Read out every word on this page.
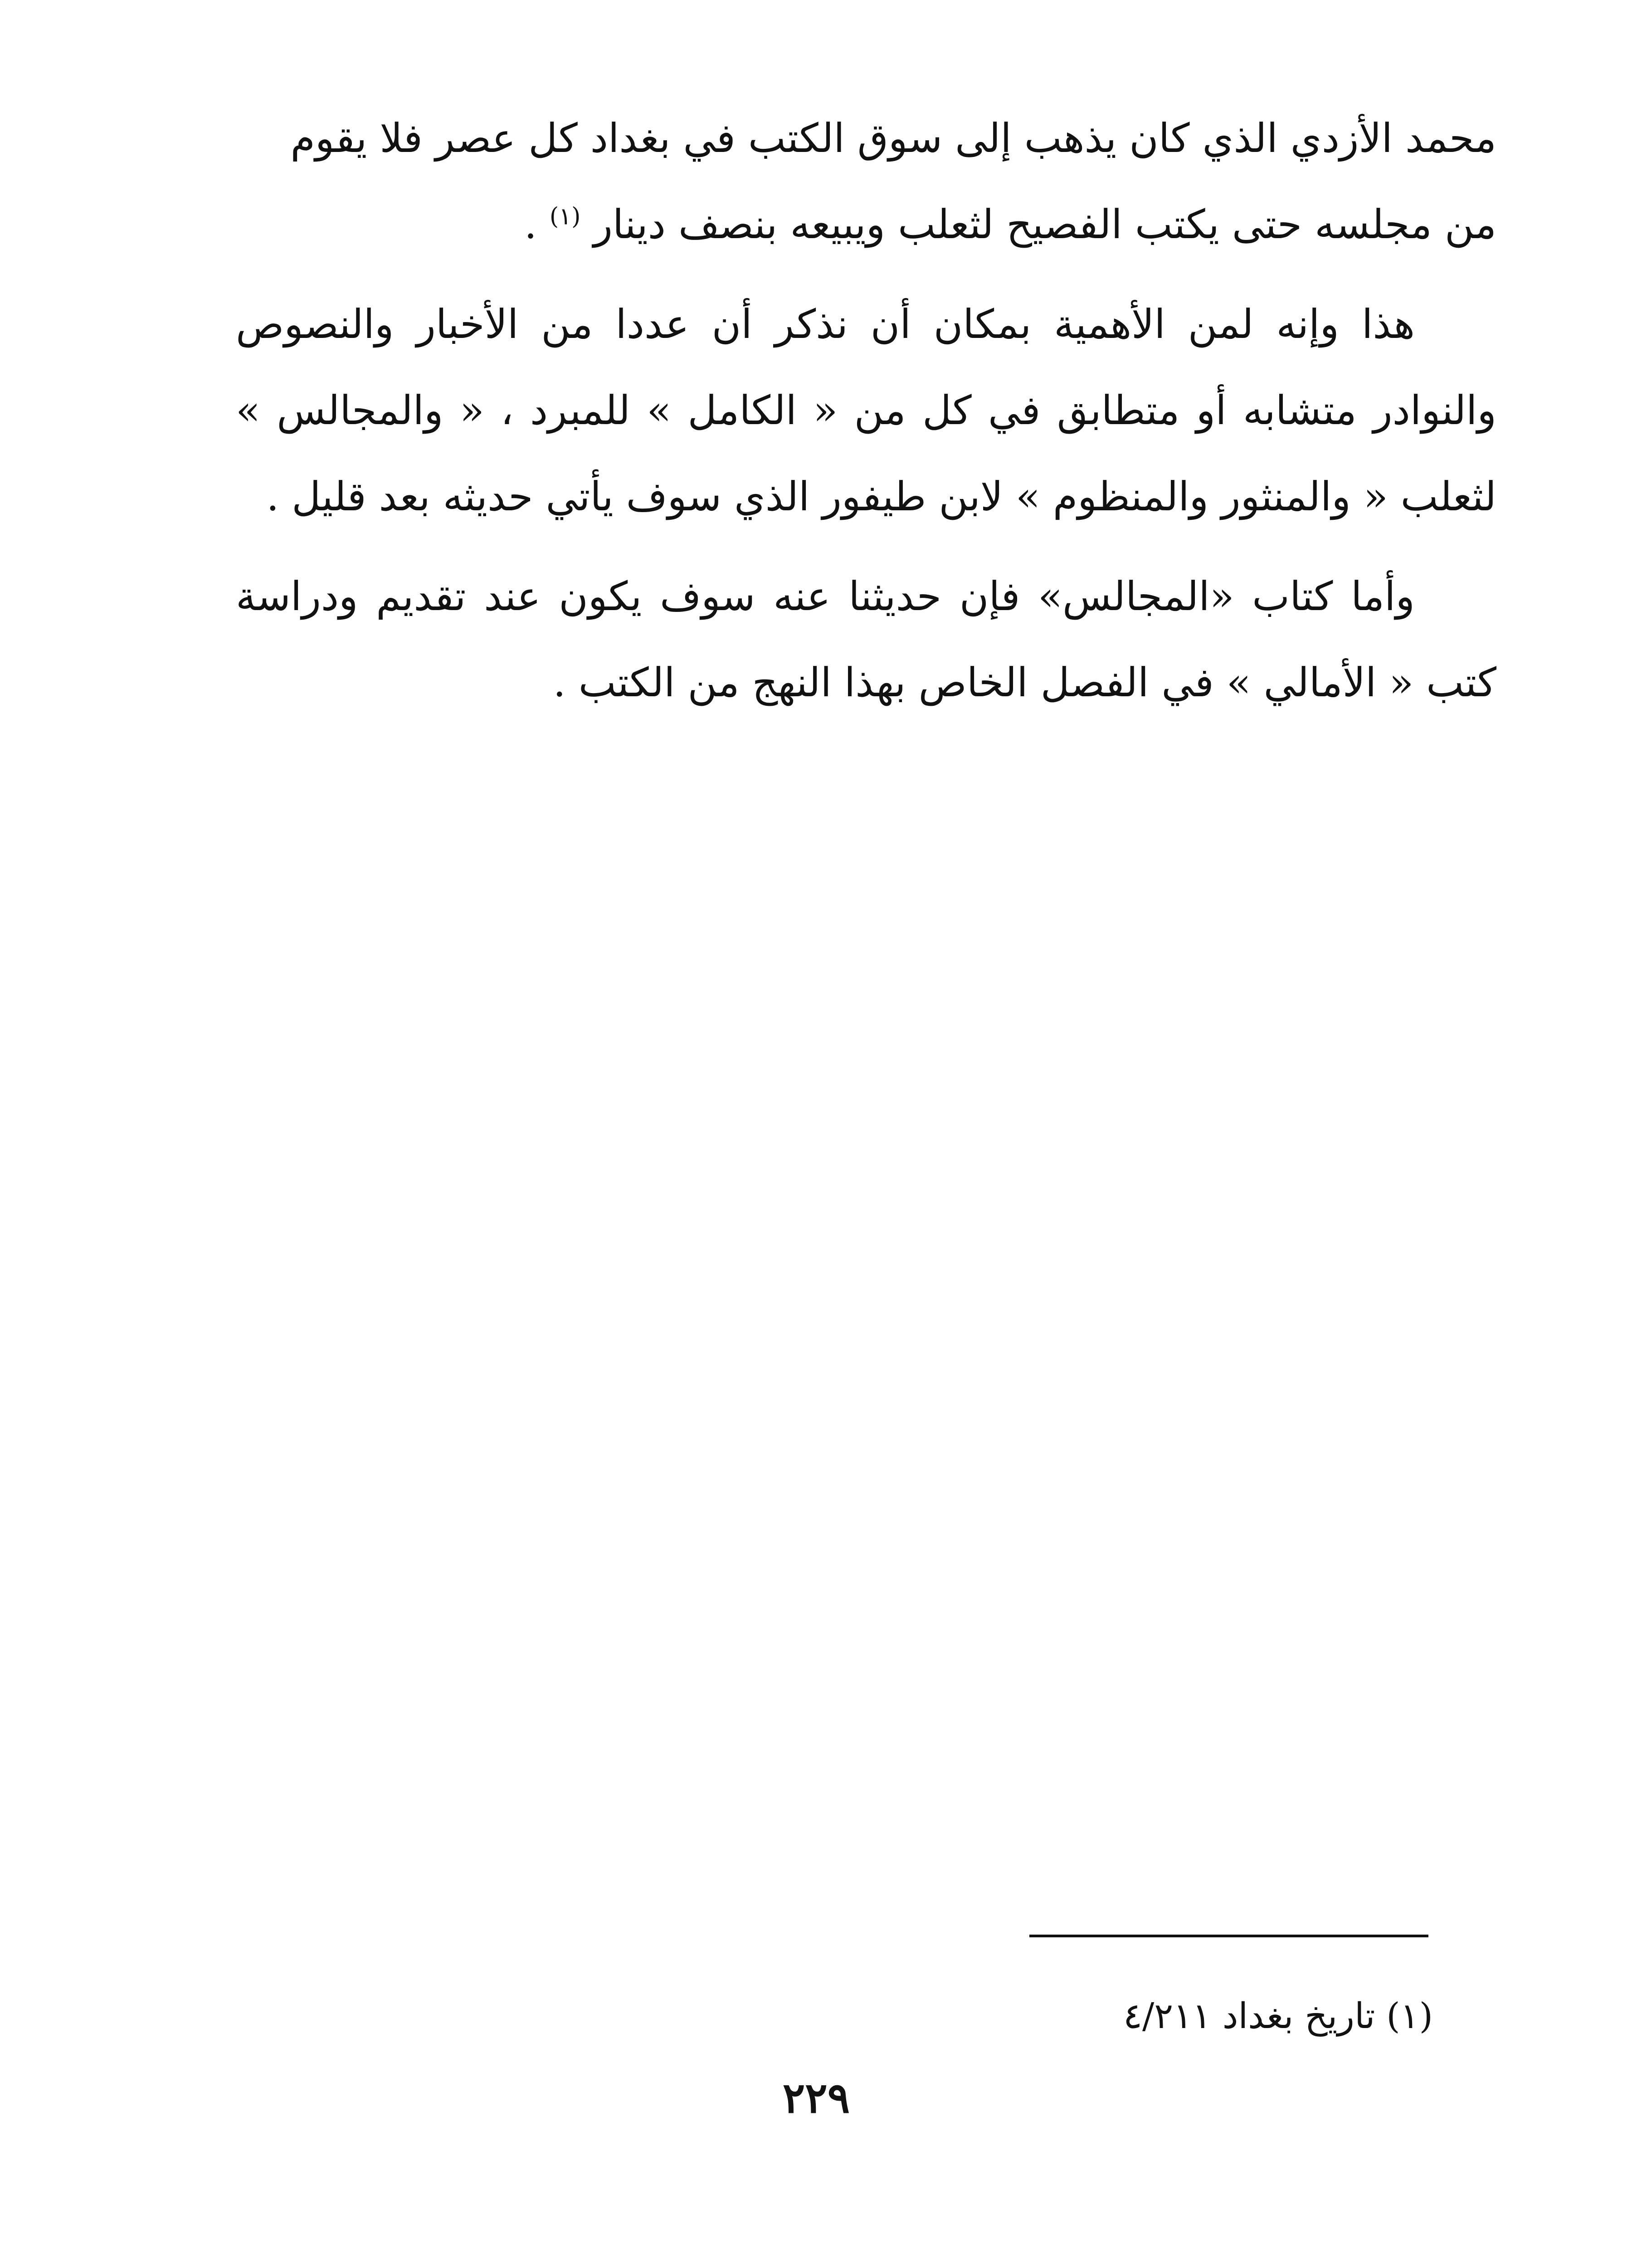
محمد الأزدي الذي كان يذهب إلى سوق الكتب في بغداد كل عصر فلا يقوم
من مجلسه حتى يكتب الفصيح لثعلب ويبيعه بنصف دينار $^{(١)}$ .

هذا وإنه لمن الأهمية بمكان أن نذكر أن عددا من الأخبار والنصوص والنوادر متشابه أو متطابق في كل من « الكامل » للمبرد ، « والمجالس » لثعلب « والمنثور والمنظوم » لابن طيفور الذي سوف يأتي حديثه بعد قليل .

وأما كتاب «المجالس» فإن حديثنا عنه سوف يكون عند تقديم ودراسة كتب « الأمالي » في الفصل الخاص بهذا النهج من الكتب .

(١) تاريخ بغداد ٤/٢١١
٢٢٩
